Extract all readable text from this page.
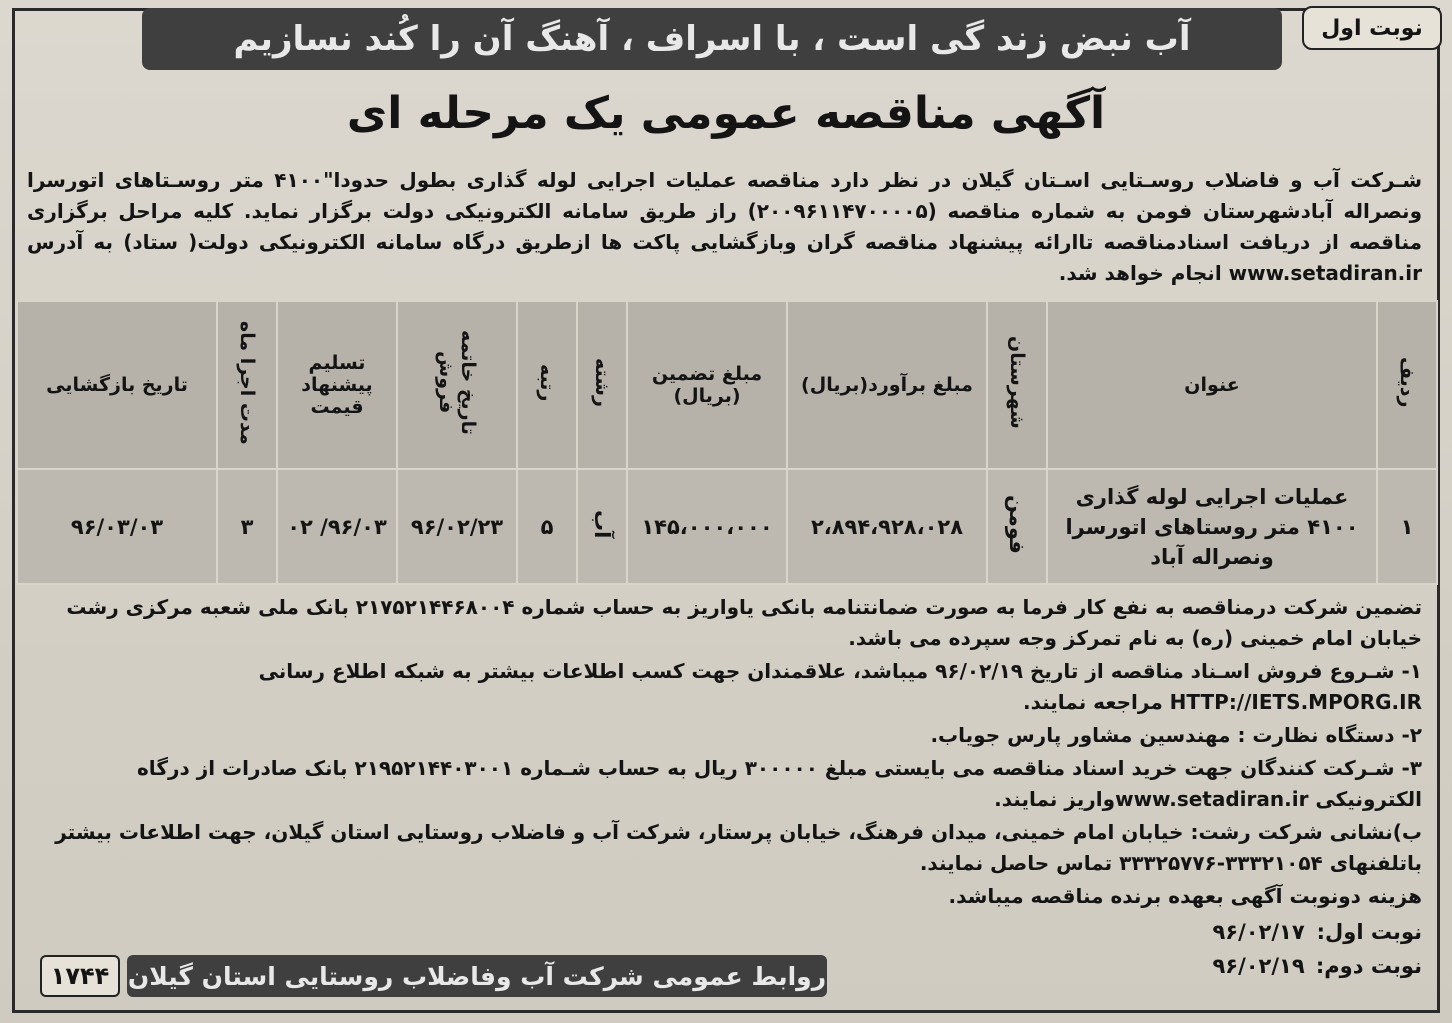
نوبت اول
آب نبض زند گی است ، با اسراف ، آهنگ آن را کُند نسازیم
آگهی مناقصه عمومی یک مرحله ای

شـرکت آب و فاضلاب روسـتایی اسـتان گیلان در نظر دارد مناقصه عملیات اجرایی لوله گذاری بطول حدودا"۴۱۰۰ متر روسـتاهای اتورسرا ونصراله آبادشهرستان فومن به شماره مناقصه (۲۰۰۹۶۱۱۴۷۰۰۰۰۵) راز طریق سامانه الکترونیکی دولت برگزار نماید. کلیه مراحل برگزاری مناقصه از دریافت اسنادمناقصه تاارائه پیشنهاد مناقصه گران وبازگشایی پاکت ها ازطریق درگاه سامانه الکترونیکی دولت( ستاد) به آدرس www.setadiran.ir انجام خواهد شد.

ردیف	عنوان	شهرستان	مبلغ برآورد(بریال)	مبلغ تضمین (بریال)	رشته	رتبه	تاریخ خاتمه فروش	تسلیم پیشنهاد قیمت	مدت اجرا ماه	تاریخ بازگشایی
۱	عملیات اجرایی لوله گذاری ۴۱۰۰ متر روستاهای اتورسرا ونصراله آباد	فومن	۲،۸۹۴،۹۲۸،۰۲۸	۱۴۵،۰۰۰،۰۰۰	آب	۵	۹۶/۰۲/۲۳	۹۶/۰۳/ ۰۲	۳	۹۶/۰۳/۰۳

تضمین شرکت درمناقصه به نفع کار فرما به صورت ضمانتنامه بانکی یاواریز به حساب شماره ۲۱۷۵۲۱۴۴۶۸۰۰۴ بانک ملی شعبه مرکزی رشت خیابان امام خمینی (ره) به نام تمرکز وجه سپرده می باشد.

۱- شـروع فروش اسـناد مناقصه از تاریخ ۹۶/۰۲/۱۹ میباشد، علاقمندان جهت کسب اطلاعات بیشتر به شبکه اطلاع رسانی HTTP://IETS.MPORG.IR مراجعه نمایند.

۲- دستگاه نظارت : مهندسین مشاور پارس جویاب.

۳- شـرکت کنندگان جهت خرید اسناد مناقصه می بایستی مبلغ ۳۰۰۰۰۰ ریال به حساب شـماره ۲۱۹۵۲۱۴۴۰۳۰۰۱ بانک صادرات از درگاه الکترونیکی www.setadiran.irواریز نمایند.

ب)نشانی شرکت رشت: خیابان امام خمینی، میدان فرهنگ، خیابان پرستار، شرکت آب و فاضلاب روستایی استان گیلان، جهت اطلاعات بیشتر باتلفنهای ۳۳۳۲۱۰۵۴-۳۳۳۲۵۷۷۶ تماس حاصل نمایند.

هزینه دونوبت آگهی بعهده برنده مناقصه میباشد.

نوبت اول: ۹۶/۰۲/۱۷
نوبت دوم: ۹۶/۰۲/۱۹
روابط عمومی شرکت آب وفاضلاب روستایی استان گیلان
۱۷۴۴
